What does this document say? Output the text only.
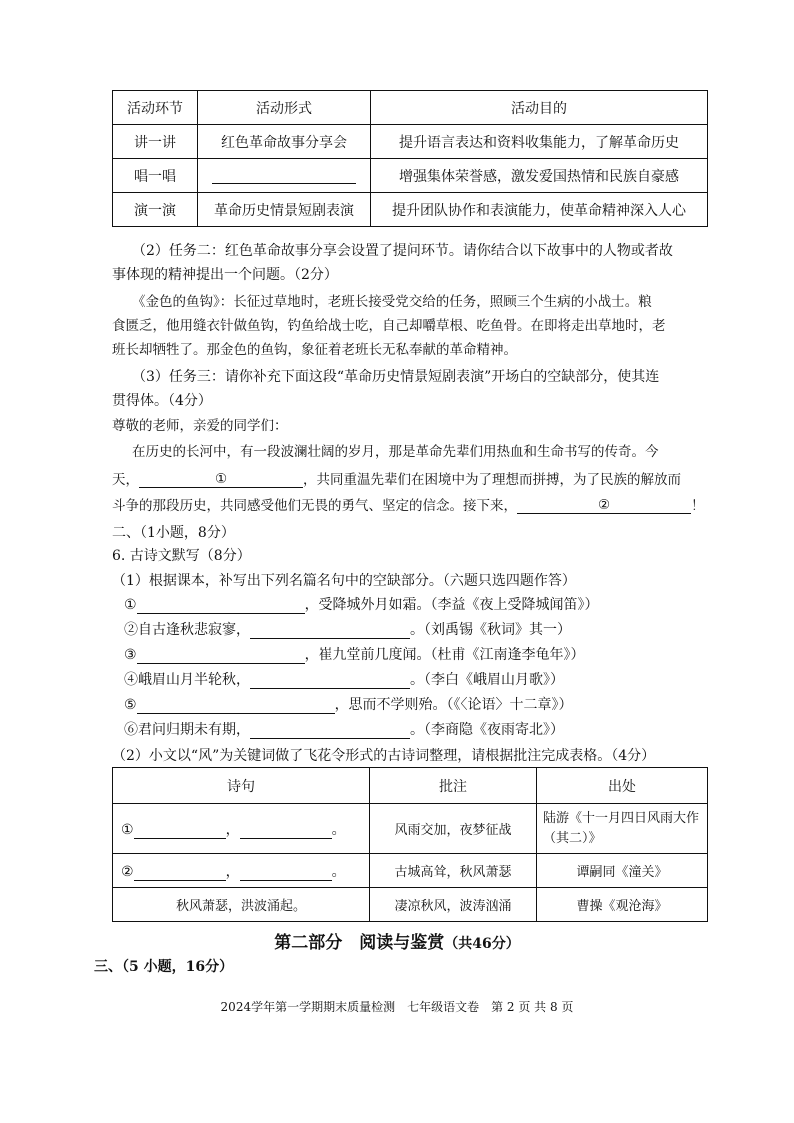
活动环节	活动形式	活动目的
讲一讲	红色革命故事分享会	提升语言表达和资料收集能力，了解革命历史
唱一唱		增强集体荣誉感，激发爱国热情和民族自豪感
演一演	革命历史情景短剧表演	提升团队协作和表演能力，使革命精神深入人心
（2）任务二：红色革命故事分享会设置了提问环节。请你结合以下故事中的人物或者故
事体现的精神提出一个问题。（2分）
《金色的鱼钩》：长征过草地时，老班长接受党交给的任务，照顾三个生病的小战士。粮
食匮乏，他用缝衣针做鱼钩，钓鱼给战士吃，自己却嚼草根、吃鱼骨。在即将走出草地时，老
班长却牺牲了。那金色的鱼钩，象征着老班长无私奉献的革命精神。
（3）任务三：请你补充下面这段“革命历史情景短剧表演”开场白的空缺部分，使其连
贯得体。（4分）
尊敬的老师，亲爱的同学们：
在历史的长河中，有一段波澜壮阔的岁月，那是革命先辈们用热血和生命书写的传奇。今
天，	①	，共同重温先辈们在困境中为了理想而拼搏，为了民族的解放而
斗争的那段历史，共同感受他们无畏的勇气、坚定的信念。接下来，	②	！
二、（1小题，8分）
6. 古诗文默写（8分）
（1）根据课本，补写出下列名篇名句中的空缺部分。（六题只选四题作答）
①	，受降城外月如霜。（李益《夜上受降城闻笛》）
②自古逢秋悲寂寥，	。（刘禹锡《秋词》其一）
③	，崔九堂前几度闻。（杜甫《江南逢李龟年》）
④峨眉山月半轮秋，	。（李白《峨眉山月歌》）
⑤	，思而不学则殆。（《〈论语〉十二章》）
⑥君问归期未有期，	。（李商隐《夜雨寄北》）
（2）小文以“风”为关键词做了飞花令形式的古诗词整理，请根据批注完成表格。（4分）
诗句	批注	出处
① ， 。	风雨交加，夜梦征战	陆游《十一月四日风雨大作（其二）》
② ， 。	古城高耸，秋风萧瑟	谭嗣同《潼关》
秋风萧瑟，洪波涌起。	凄凉秋风，波涛汹涌	曹操《观沧海》
第二部分　阅读与鉴赏（共46分）
三、（5 小题，16分）
2024学年第一学期期末质量检测　七年级语文卷　第 2 页 共 8 页
